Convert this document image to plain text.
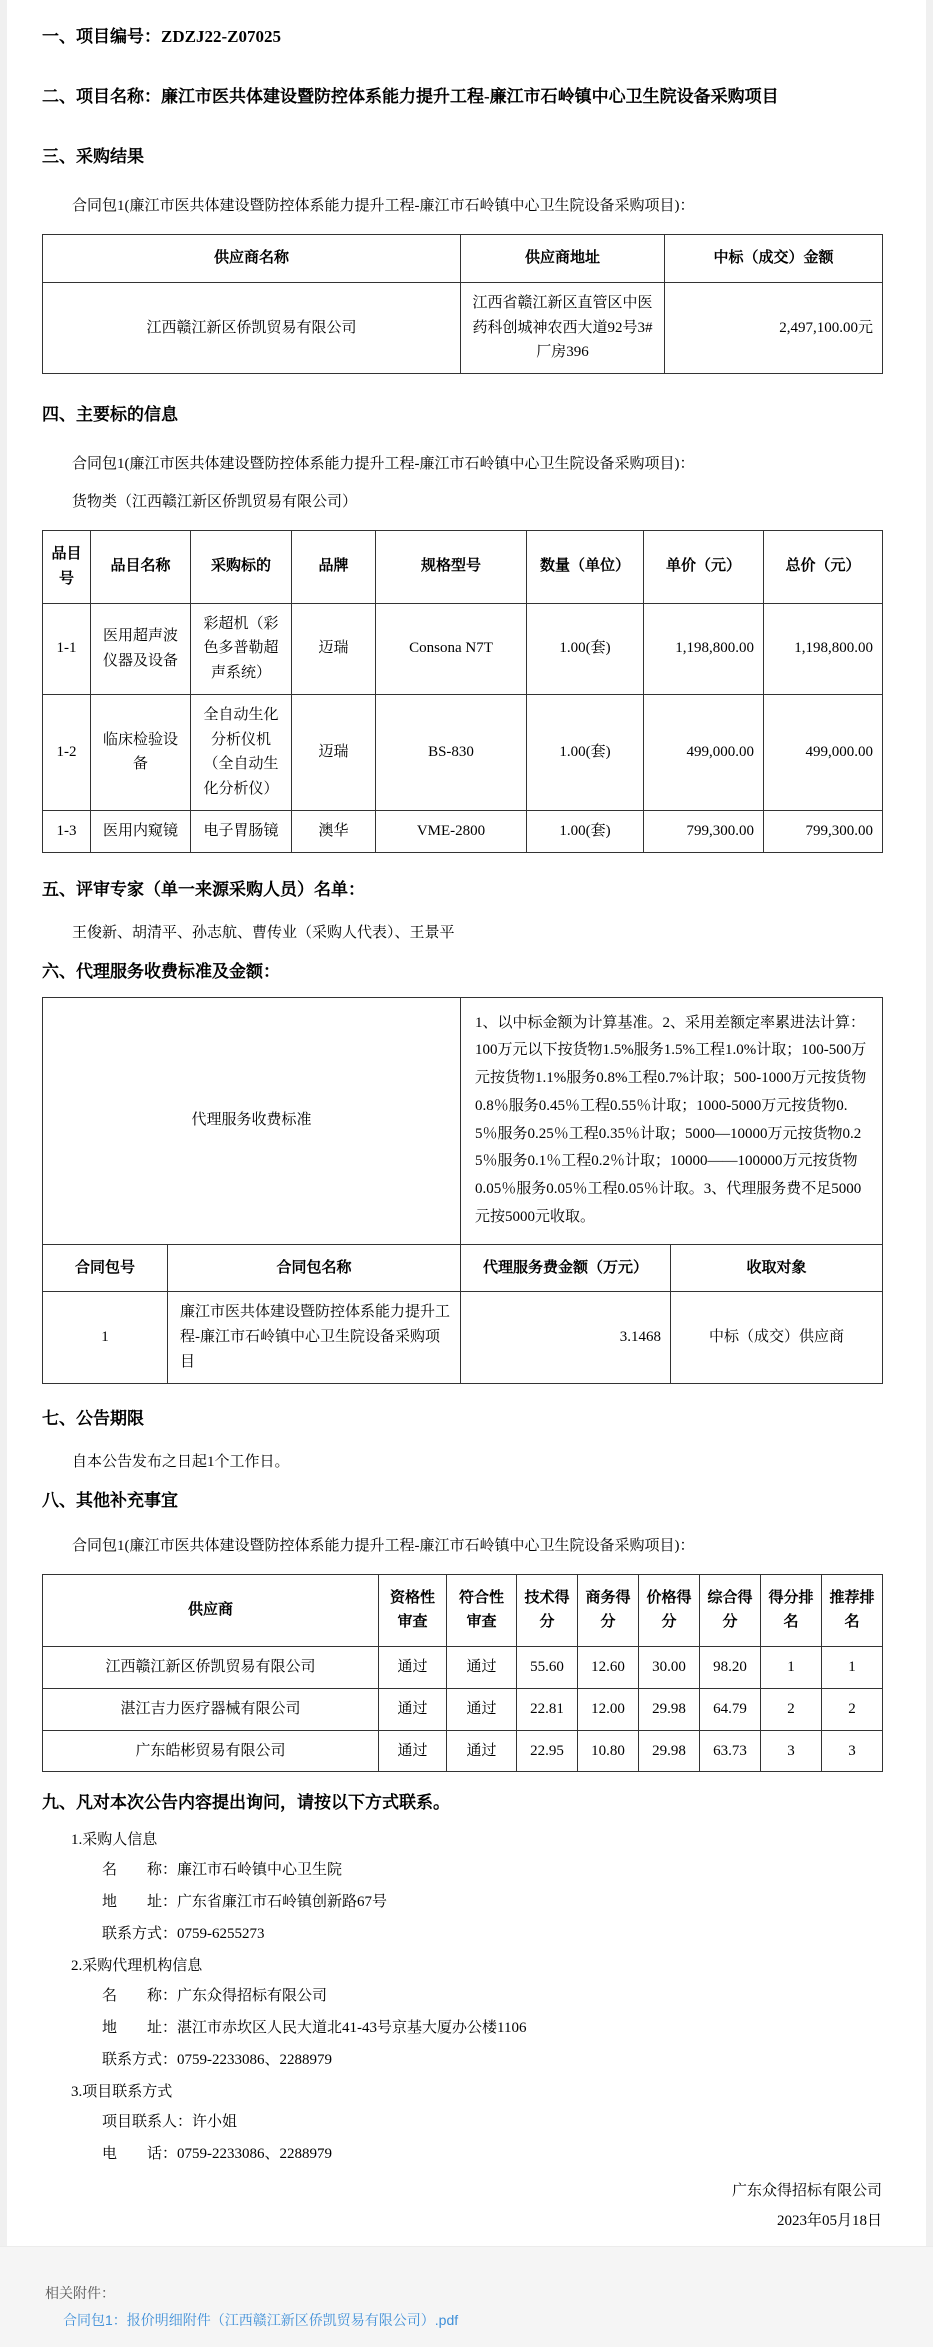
一、项目编号：ZDZJ22-Z07025
二、项目名称：廉江市医共体建设暨防控体系能力提升工程-廉江市石岭镇中心卫生院设备采购项目
三、采购结果

合同包1(廉江市医共体建设暨防控体系能力提升工程-廉江市石岭镇中心卫生院设备采购项目)：

供应商名称	供应商地址	中标（成交）金额
江西赣江新区侨凯贸易有限公司	江西省赣江新区直管区中医药科创城神农西大道92号3#厂房396	2,497,100.00元
四、主要标的信息

合同包1(廉江市医共体建设暨防控体系能力提升工程-廉江市石岭镇中心卫生院设备采购项目)：

货物类（江西赣江新区侨凯贸易有限公司）

品目号	品目名称	采购标的	品牌	规格型号	数量（单位）	单价（元）	总价（元）
1-1	医用超声波仪器及设备	彩超机（彩色多普勒超声系统）	迈瑞	Consona N7T	1.00(套)	1,198,800.00	1,198,800.00
1-2	临床检验设备	全自动生化分析仪机（全自动生化分析仪）	迈瑞	BS-830	1.00(套)	499,000.00	499,000.00
1-3	医用内窥镜	电子胃肠镜	澳华	VME-2800	1.00(套)	799,300.00	799,300.00
五、评审专家（单一来源采购人员）名单：

王俊新、胡清平、孙志航、曹传业（采购人代表）、王景平

六、代理服务收费标准及金额：
代理服务收费标准		1、以中标金额为计算基准。2、采用差额定率累进法计算：100万元以下按货物1.5%服务1.5%工程1.0%计取；100-500万元按货物1.1%服务0.8%工程0.7%计取；500-1000万元按货物0.8％服务0.45％工程0.55％计取；1000-5000万元按货物0.5％服务0.25％工程0.35％计取；5000—10000万元按货物0.25％服务0.1％工程0.2％计取；10000——100000万元按货物0.05％服务0.05％工程0.05％计取。3、代理服务费不足5000元按5000元收取。	
合同包号	合同包名称	代理服务费金额（万元）	收取对象
1	廉江市医共体建设暨防控体系能力提升工程-廉江市石岭镇中心卫生院设备采购项目	3.1468	中标（成交）供应商
七、公告期限

自本公告发布之日起1个工作日。

八、其他补充事宜

合同包1(廉江市医共体建设暨防控体系能力提升工程-廉江市石岭镇中心卫生院设备采购项目)：

供应商	资格性审查	符合性审查	技术得分	商务得分	价格得分	综合得分	得分排名	推荐排名
江西赣江新区侨凯贸易有限公司	通过	通过	55.60	12.60	30.00	98.20	1	1
湛江吉力医疗器械有限公司	通过	通过	22.81	12.00	29.98	64.79	2	2
广东皓彬贸易有限公司	通过	通过	22.95	10.80	29.98	63.73	3	3
九、凡对本次公告内容提出询问，请按以下方式联系。

1.采购人信息

名　　称：廉江市石岭镇中心卫生院

地　　址：广东省廉江市石岭镇创新路67号

联系方式：0759-6255273

2.采购代理机构信息

名　　称：广东众得招标有限公司

地　　址：湛江市赤坎区人民大道北41-43号京基大厦办公楼1106

联系方式：0759-2233086、2288979

3.项目联系方式

项目联系人：许小姐

电　　话：0759-2233086、2288979

广东众得招标有限公司
2023年05月18日
相关附件：
合同包1：报价明细附件（江西赣江新区侨凯贸易有限公司）.pdf
